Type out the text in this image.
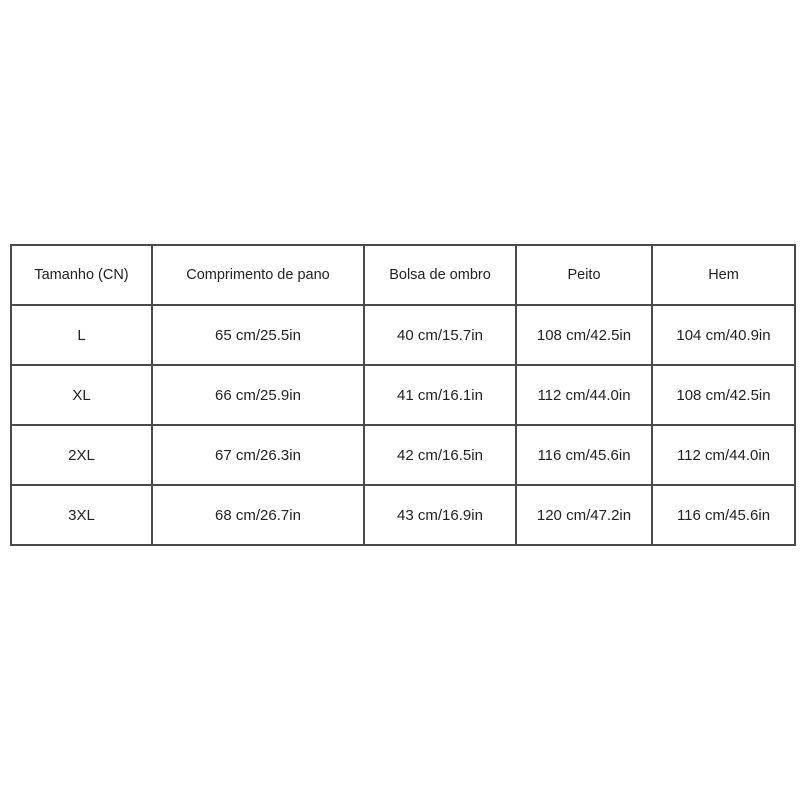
Tamanho (CN)	Comprimento de pano	Bolsa de ombro	Peito	Hem
L	65 cm/25.5in	40 cm/15.7in	108 cm/42.5in	104 cm/40.9in
XL	66 cm/25.9in	41 cm/16.1in	112 cm/44.0in	108 cm/42.5in
2XL	67 cm/26.3in	42 cm/16.5in	116 cm/45.6in	112 cm/44.0in
3XL	68 cm/26.7in	43 cm/16.9in	120 cm/47.2in	116 cm/45.6in
